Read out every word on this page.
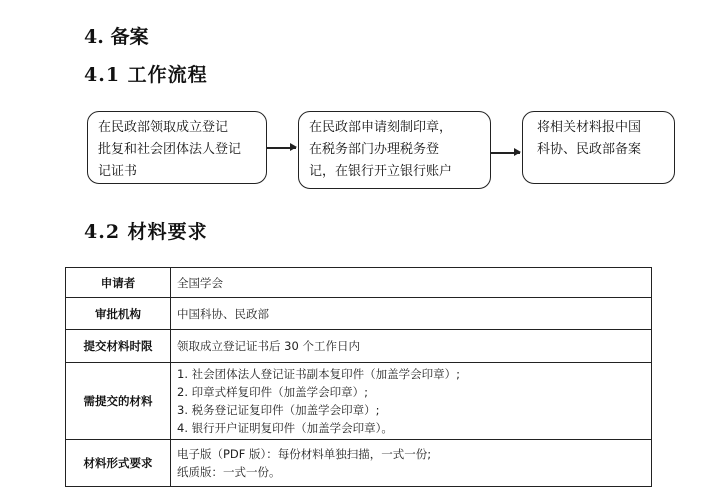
4. 备案
4.1 工作流程
在民政部领取成立登记
批复和社会团体法人登记
记证书
在民政部申请刻制印章，
在税务部门办理税务登
记，在银行开立银行账户
将相关材料报中国
科协、民政部备案
4.2 材料要求
申请者	全国学会

审批机构	中国科协、民政部

提交材料时限	领取成立登记证书后 30 个工作日内

需提交的材料	1. 社会团体法人登记证书副本复印件（加盖学会印章）;
2. 印章式样复印件（加盖学会印章）;
3. 税务登记证复印件（加盖学会印章）;
4. 银行开户证明复印件（加盖学会印章）。

材料形式要求	电子版（PDF 版）：每份材料单独扫描，一式一份;
纸质版：一式一份。
